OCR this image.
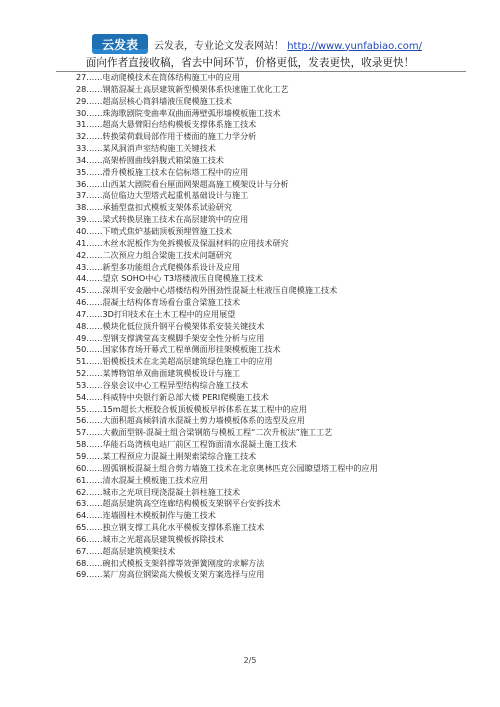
云发表	云发表，专业论文发表网站！ http://www.yunfabiao.com/
面向作者直接收稿，省去中间环节，价格更低，发表更快，收录更快！
27……电动爬模技术在筒体结构施工中的应用
28……钢筋混凝土高层建筑新型模架体系快速施工优化工艺
29……超高层核心筒斜墙液压爬模施工技术
30……珠海歌剧院变曲率双曲面薄壁弧形墙模板施工技术
31……超高大悬臂阳台结构模板支撑体系施工技术
32……转换梁荷载局部作用于楼面的施工力学分析
33……某风洞消声室结构施工关键技术
34……高架桥圆曲线斜腹式箱梁施工技术
35……滑升模板施工技术在信标塔工程中的应用
36……山西某大剧院看台厘面网架超高施工模架设计与分析
37……高位临边大型塔式起重机基础设计与施工
38……承插型盘扣式模板支架体系试验研究
39……梁式转换层施工技术在高层建筑中的应用
40……下喷式焦炉基础顶板预埋管施工技术
41……木丝水泥板作为免拆模板及保温材料的应用技术研究
42……二次预应力组合梁施工技术问题研究
43……新型多功能组合式爬模体系设计及应用
44……望京 SOHO中心 T3塔楼液压自爬模施工技术
45……深圳平安金融中心塔楼结构外围劲性混凝土柱液压自爬模施工技术
46……混凝土结构体育场看台重合梁施工技术
47……3D打印技术在土木工程中的应用展望
48……模块化低位顶升钢平台模架体系安装关键技术
49……型钢支撑满堂高支模脚手架安全性分析与应用
50……国家体育场开幕式工程单侧面形挂架模板施工技术
51……铝模板技术在北美超高层建筑绿色施工中的应用
52……某博物馆单双曲面建筑模板设计与施工
53……谷泉会议中心工程异型结构综合施工技术
54……科威特中央银行新总部大楼 PERI爬模施工技术
55……15m超长大框胶合板顶板模板早拆体系在某工程中的应用
56……大面积超高倾斜清水混凝土剪力墙模板体系的选型及应用
57……大截面型钢-混凝土组合梁钢筋与模板工程“二次升板法”施工工艺
58……华能石岛湾核电站厂前区工程饰面清水混凝土施工技术
59……某工程预应力混凝土刚架索梁综合施工技术
60……圆弧钢板混凝土组合剪力墙施工技术在北京奥林匹克公园瞭望塔工程中的应用
61……清水混凝土模板施工技术应用
62……城市之光项目现浇混凝土斜柱施工技术
63……超高层建筑高空连廊结构模板支架钢平台安拆技术
64……连墙圆柱木模板制作与施工技术
65……独立钢支撑工具化水平模板支撑体系施工技术
66……城市之光超高层建筑模板拆除技术
67……超高层建筑模架技术
68……碗扣式模板支架斜撑等效弹簧刚度的求解方法
69……某厂房高位钢梁高大模板支架方案选择与应用
2/5
